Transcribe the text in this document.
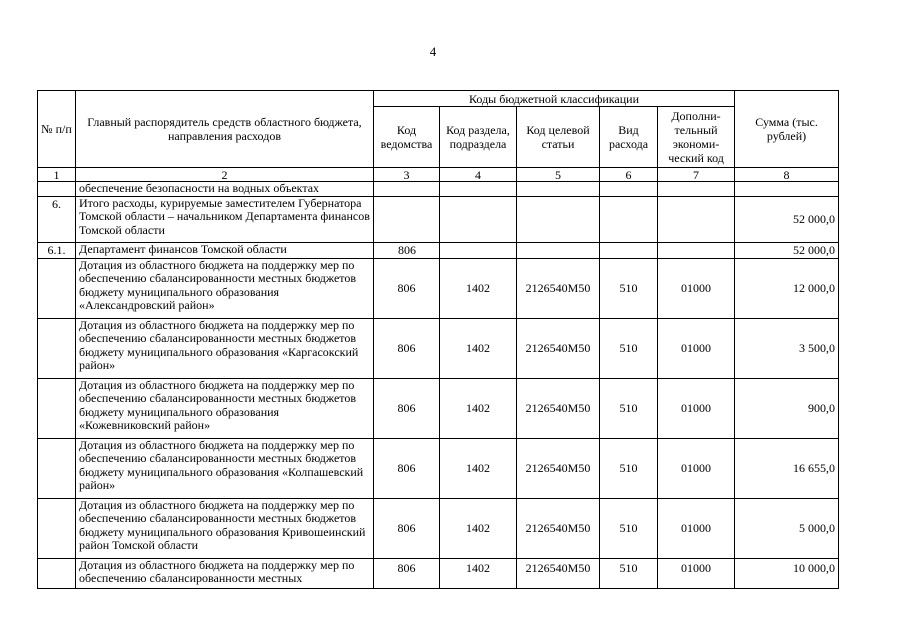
4
№ п/п	Главный распорядитель средств областного бюджета, направления расходов	Коды бюджетной классификации					Сумма (тыс. рублей)
		Код ведомства	Код раздела, подраздела	Код целевой статьи	Вид расхода	Дополни-тельный экономи-ческий код	
1	2	3	4	5	6	7	8
	обеспечение безопасности на водных объектах						
6.	Итого расходы, курируемые заместителем Губернатора Томской области – начальником Департамента финансов Томской области						52 000,0
6.1.	Департамент финансов Томской области	806					52 000,0
	Дотация из областного бюджета на поддержку мер по обеспечению сбалансированности местных бюджетов бюджету муниципального образования «Александровский район»	806	1402	2126540M50	510	01000	12 000,0
	Дотация из областного бюджета на поддержку мер по обеспечению сбалансированности местных бюджетов бюджету муниципального образования «Каргасокский район»	806	1402	2126540M50	510	01000	3 500,0
	Дотация из областного бюджета на поддержку мер по обеспечению сбалансированности местных бюджетов бюджету муниципального образования «Кожевниковский район»	806	1402	2126540M50	510	01000	900,0
	Дотация из областного бюджета на поддержку мер по обеспечению сбалансированности местных бюджетов бюджету муниципального образования «Колпашевский район»	806	1402	2126540M50	510	01000	16 655,0
	Дотация из областного бюджета на поддержку мер по обеспечению сбалансированности местных бюджетов бюджету муниципального образования Кривошеинский район Томской области	806	1402	2126540M50	510	01000	5 000,0
	Дотация из областного бюджета на поддержку мер по обеспечению сбалансированности местных	806	1402	2126540M50	510	01000	10 000,0
